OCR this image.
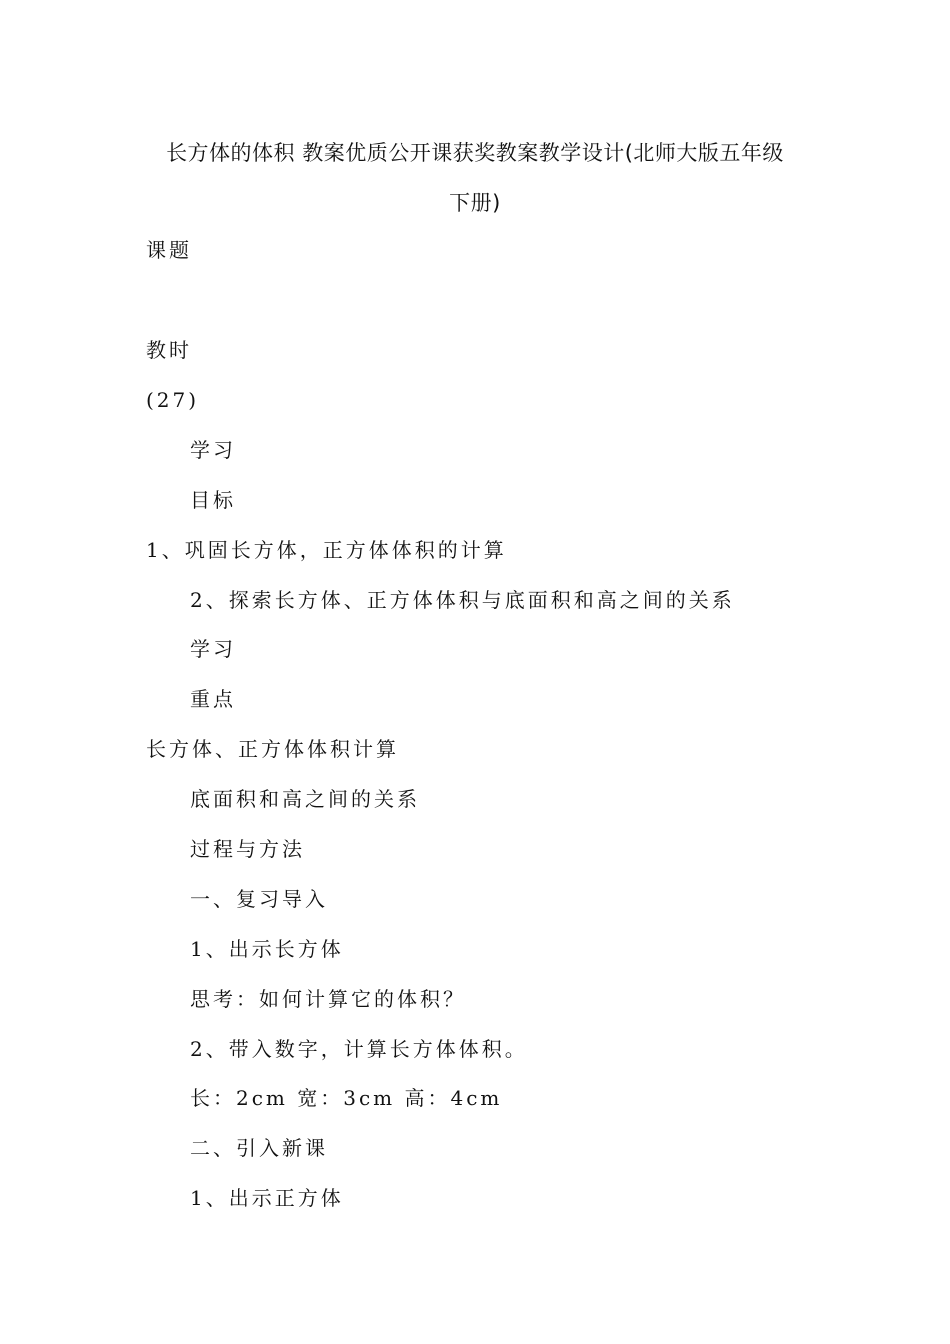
长方体的体积 教案优质公开课获奖教案教学设计(北师大版五年级
下册)
课题
教时
(27)
学习
目标
1、巩固长方体，正方体体积的计算
2、探索长方体、正方体体积与底面积和高之间的关系
学习
重点
长方体、正方体体积计算
底面积和高之间的关系
过程与方法
一、复习导入
1、出示长方体
思考：如何计算它的体积？
2、带入数字，计算长方体体积。
长：2cm 宽：3cm 高：4cm
二、引入新课
1、出示正方体
